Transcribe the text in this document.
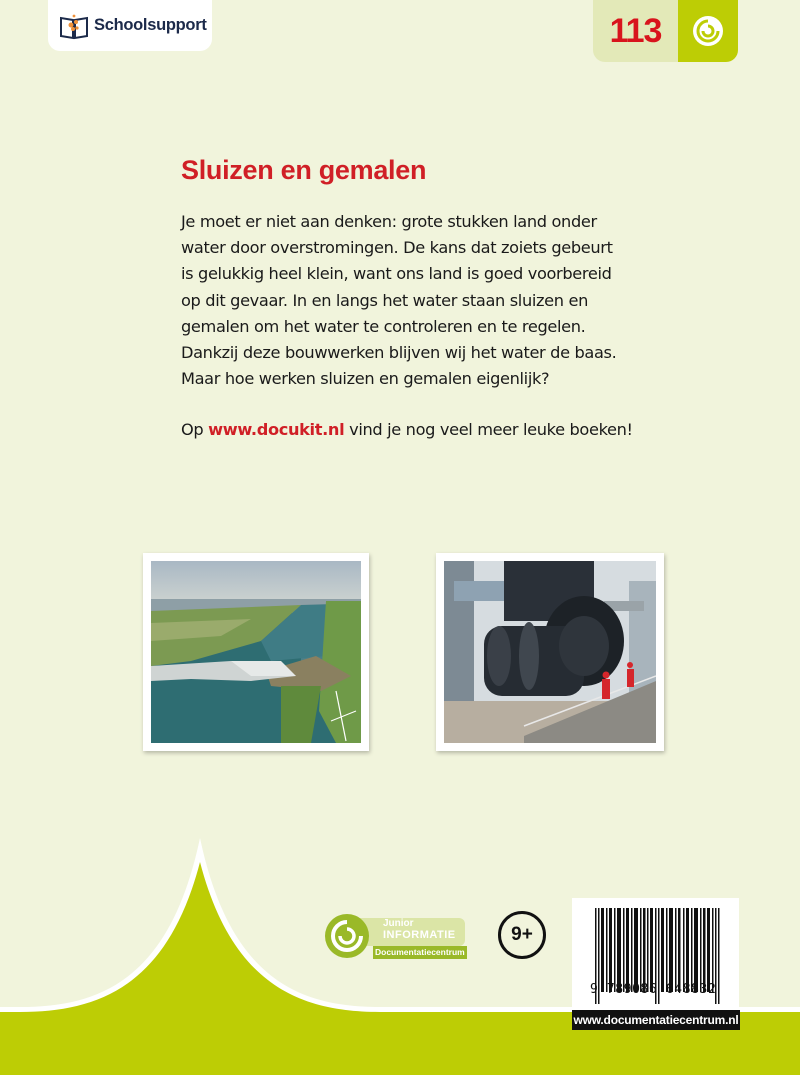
Schoolsupport	113
Sluizen en gemalen

Je moet er niet aan denken: grote stukken land onder

water door overstromingen. De kans dat zoiets gebeurt

is gelukkig heel klein, want ons land is goed voorbereid

op dit gevaar. In en langs het water staan sluizen en

gemalen om het water te controleren en te regelen.

Dankzij deze bouwwerken blijven wij het water de baas.

Maar hoe werken sluizen en gemalen eigenlijk?

Op www.docukit.nl vind je nog veel meer leuke boeken!

Junior
INFORMATIE
Documentatiecentrum
9+
9 789086 648832
www.documentatiecentrum.nl
